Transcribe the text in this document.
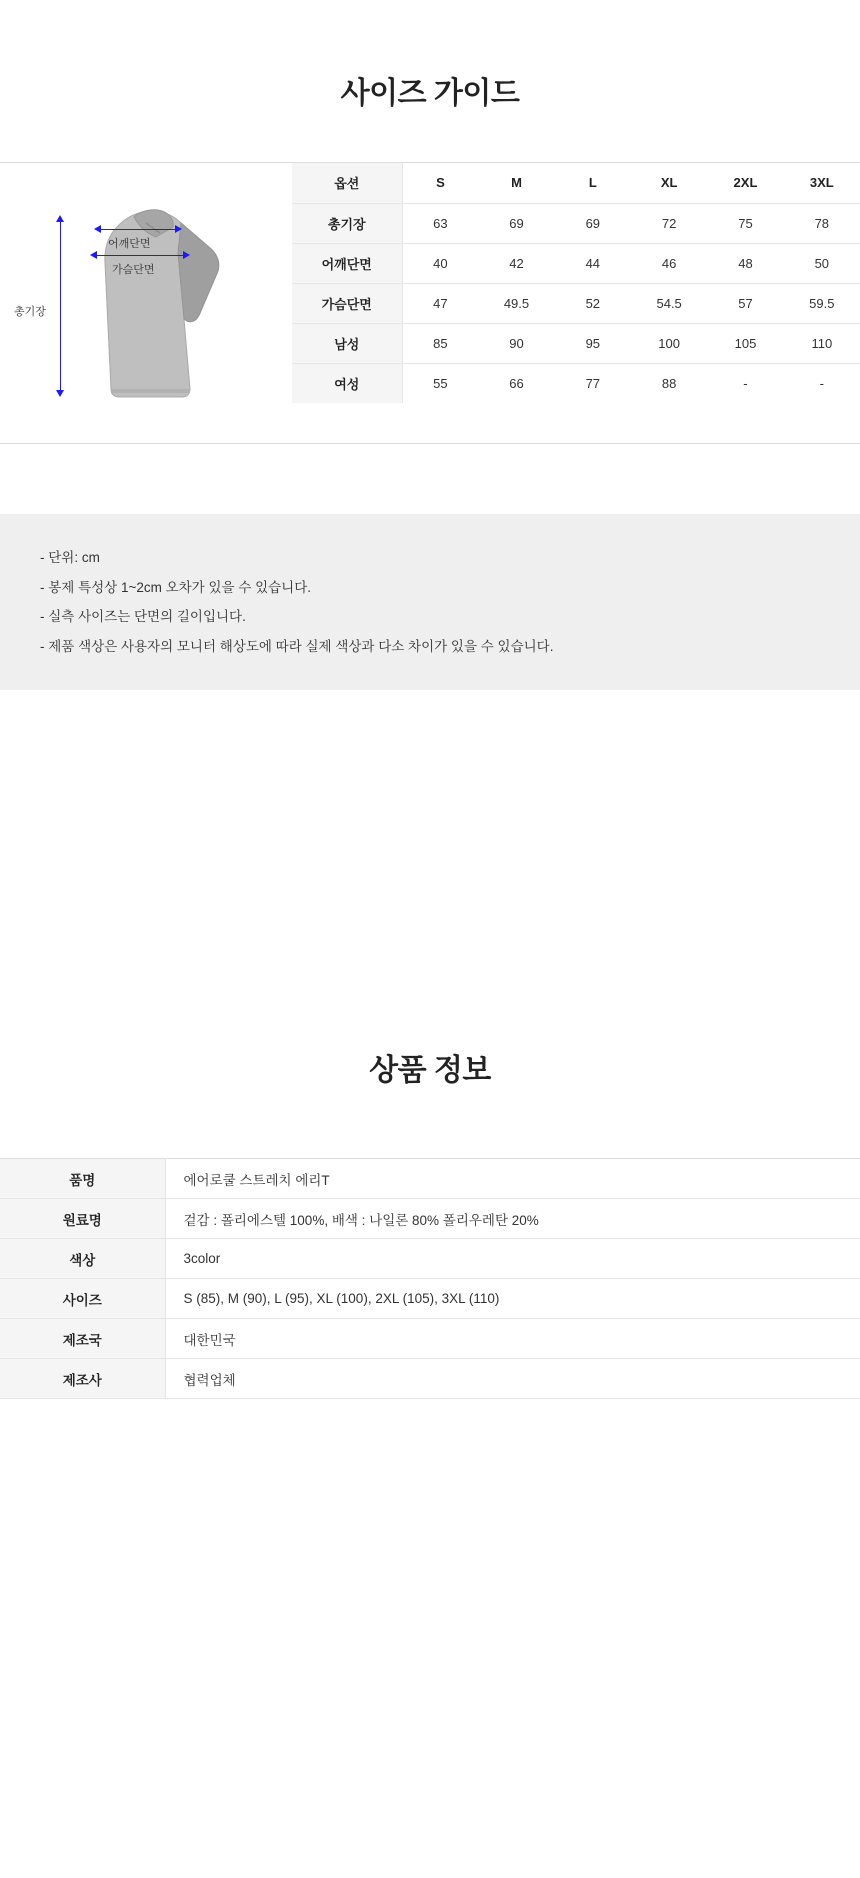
사이즈 가이드
어깨단면
가슴단면
총기장
옵션	S	M	L	XL	2XL	3XL
총기장	63	69	69	72	75	78
어깨단면	40	42	44	46	48	50
가슴단면	47	49.5	52	54.5	57	59.5
남성	85	90	95	100	105	110
여성	55	66	77	88	-	-

- 단위: cm

- 봉제 특성상 1~2cm 오차가 있을 수 있습니다.

- 실측 사이즈는 단면의 길이입니다.

- 제품 색상은 사용자의 모니터 해상도에 따라 실제 색상과 다소 차이가 있을 수 있습니다.

상품 정보
품명	에어로쿨 스트레치 에리T
원료명	겉감 : 폴리에스텔 100%, 배색 : 나일론 80% 폴리우레탄 20%
색상	3color
사이즈	S (85), M (90), L (95), XL (100), 2XL (105), 3XL (110)
제조국	대한민국
제조사	협력업체
